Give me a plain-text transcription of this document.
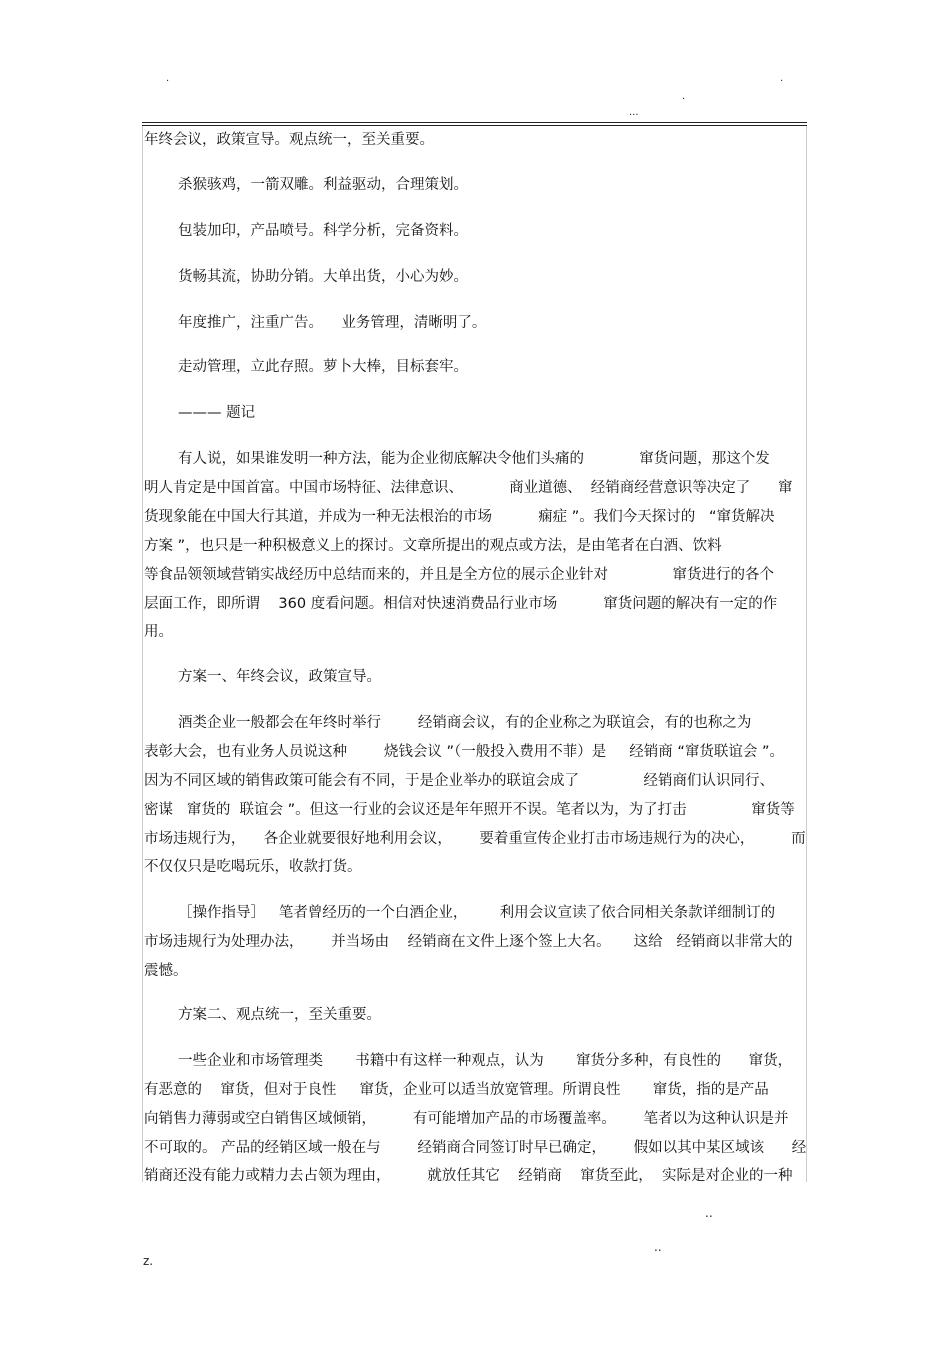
.	.
.
...
年终会议，政策宣导。观点统一，至关重要。
杀猴骇鸡，一箭双雕。利益驱动，合理策划。
包装加印，产品喷号。科学分析，完备资料。
货畅其流，协助分销。大单出货，小心为妙。
年度推广，注重广告。    业务管理，清晰明了。
走动管理，立此存照。萝卜大棒，目标套牢。
——— 题记
有人说，如果谁发明一种方法，能为企业彻底解决令他们头痛的            窜货问题，那这个发
明人肯定是中国首富。中国市场特征、法律意识、          商业道德、  经销商经营意识等决定了      窜
货现象能在中国大行其道，并成为一种无法根治的市场          痫症 ”。我们今天探讨的   “窜货解决
方案 ”，也只是一种积极意义上的探讨。文章所提出的观点或方法，是由笔者在白酒、饮料
等食品领领域营销实战经历中总结而来的，并且是全方位的展示企业针对              窜货进行的各个
层面工作，即所谓    360 度看问题。相信对快速消费品行业市场          窜货问题的解决有一定的作
用。
方案一、年终会议，政策宣导。
酒类企业一般都会在年终时举行        经销商会议，有的企业称之为联谊会，有的也称之为
表彰大会，也有业务人员说这种        烧钱会议 ”（一般投入费用不菲）是     经销商 “窜货联谊会 ”。
因为不同区域的销售政策可能会有不同，于是企业举办的联谊会成了              经销商们认识同行、
密谋   窜货的  联谊会 ”。但这一行业的会议还是年年照开不误。笔者以为，为了打击              窜货等
市场违规行为，    各企业就要很好地利用会议，      要着重宣传企业打击市场违规行为的决心，        而
不仅仅只是吃喝玩乐，收款打货。
［操作指导］   笔者曾经历的一个白酒企业，       利用会议宣读了依合同相关条款详细制订的
市场违规行为处理办法，      并当场由    经销商在文件上逐个签上大名。     这给   经销商以非常大的
震憾。
方案二、观点统一，至关重要。
一些企业和市场管理类       书籍中有这样一种观点，认为       窜货分多种，有良性的      窜货，
有恶意的    窜货，但对于良性     窜货，企业可以适当放宽管理。所谓良性       窜货，指的是产品
向销售力薄弱或空白销售区域倾销，        有可能增加产品的市场覆盖率。      笔者以为这种认识是并
不可取的。 产品的经销区域一般在与        经销商合同签订时早已确定，      假如以其中某区域该      经
销商还没有能力或精力去占领为理由，        就放任其它    经销商    窜货至此，  实际是对企业的一种
..
..
z.
